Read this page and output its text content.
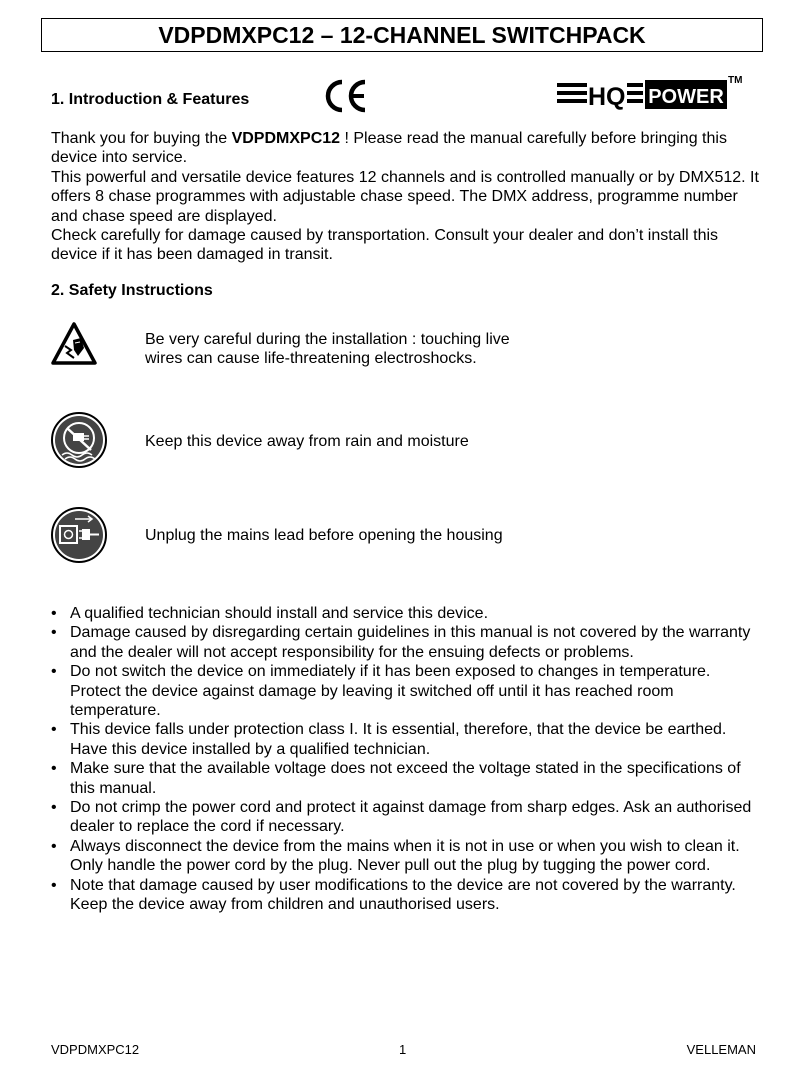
VDPDMXPC12 – 12-CHANNEL SWITCHPACK
1. Introduction & Features	HQ POWER
TM

Thank you for buying the VDPDMXPC12 ! Please read the manual carefully before bringing this device into service.

This powerful and versatile device features 12 channels and is controlled manually or by DMX512. It offers 8 chase programmes with adjustable chase speed. The DMX address, programme number and chase speed are displayed.

Check carefully for damage caused by transportation. Consult your dealer and don’t install this device if it has been damaged in transit.

2. Safety Instructions
Be very careful during the installation : touching live
wires can cause life-threatening electroshocks.
Keep this device away from rain and moisture
Unplug the mains lead before opening the housing
• A qualified technician should install and service this device.
• Damage caused by disregarding certain guidelines in this manual is not covered by the warranty and the dealer will not accept responsibility for the ensuing defects or problems.
• Do not switch the device on immediately if it has been exposed to changes in temperature. Protect the device against damage by leaving it switched off until it has reached room temperature.
• This device falls under protection class I. It is essential, therefore, that the device be earthed. Have this device installed by a qualified technician.
• Make sure that the available voltage does not exceed the voltage stated in the specifications of this manual.
• Do not crimp the power cord and protect it against damage from sharp edges. Ask an authorised dealer to replace the cord if necessary.
• Always disconnect the device from the mains when it is not in use or when you wish to clean it. Only handle the power cord by the plug. Never pull out the plug by tugging the power cord.
• Note that damage caused by user modifications to the device are not covered by the warranty. Keep the device away from children and unauthorised users.
VDPDMXPC12	1	VELLEMAN
